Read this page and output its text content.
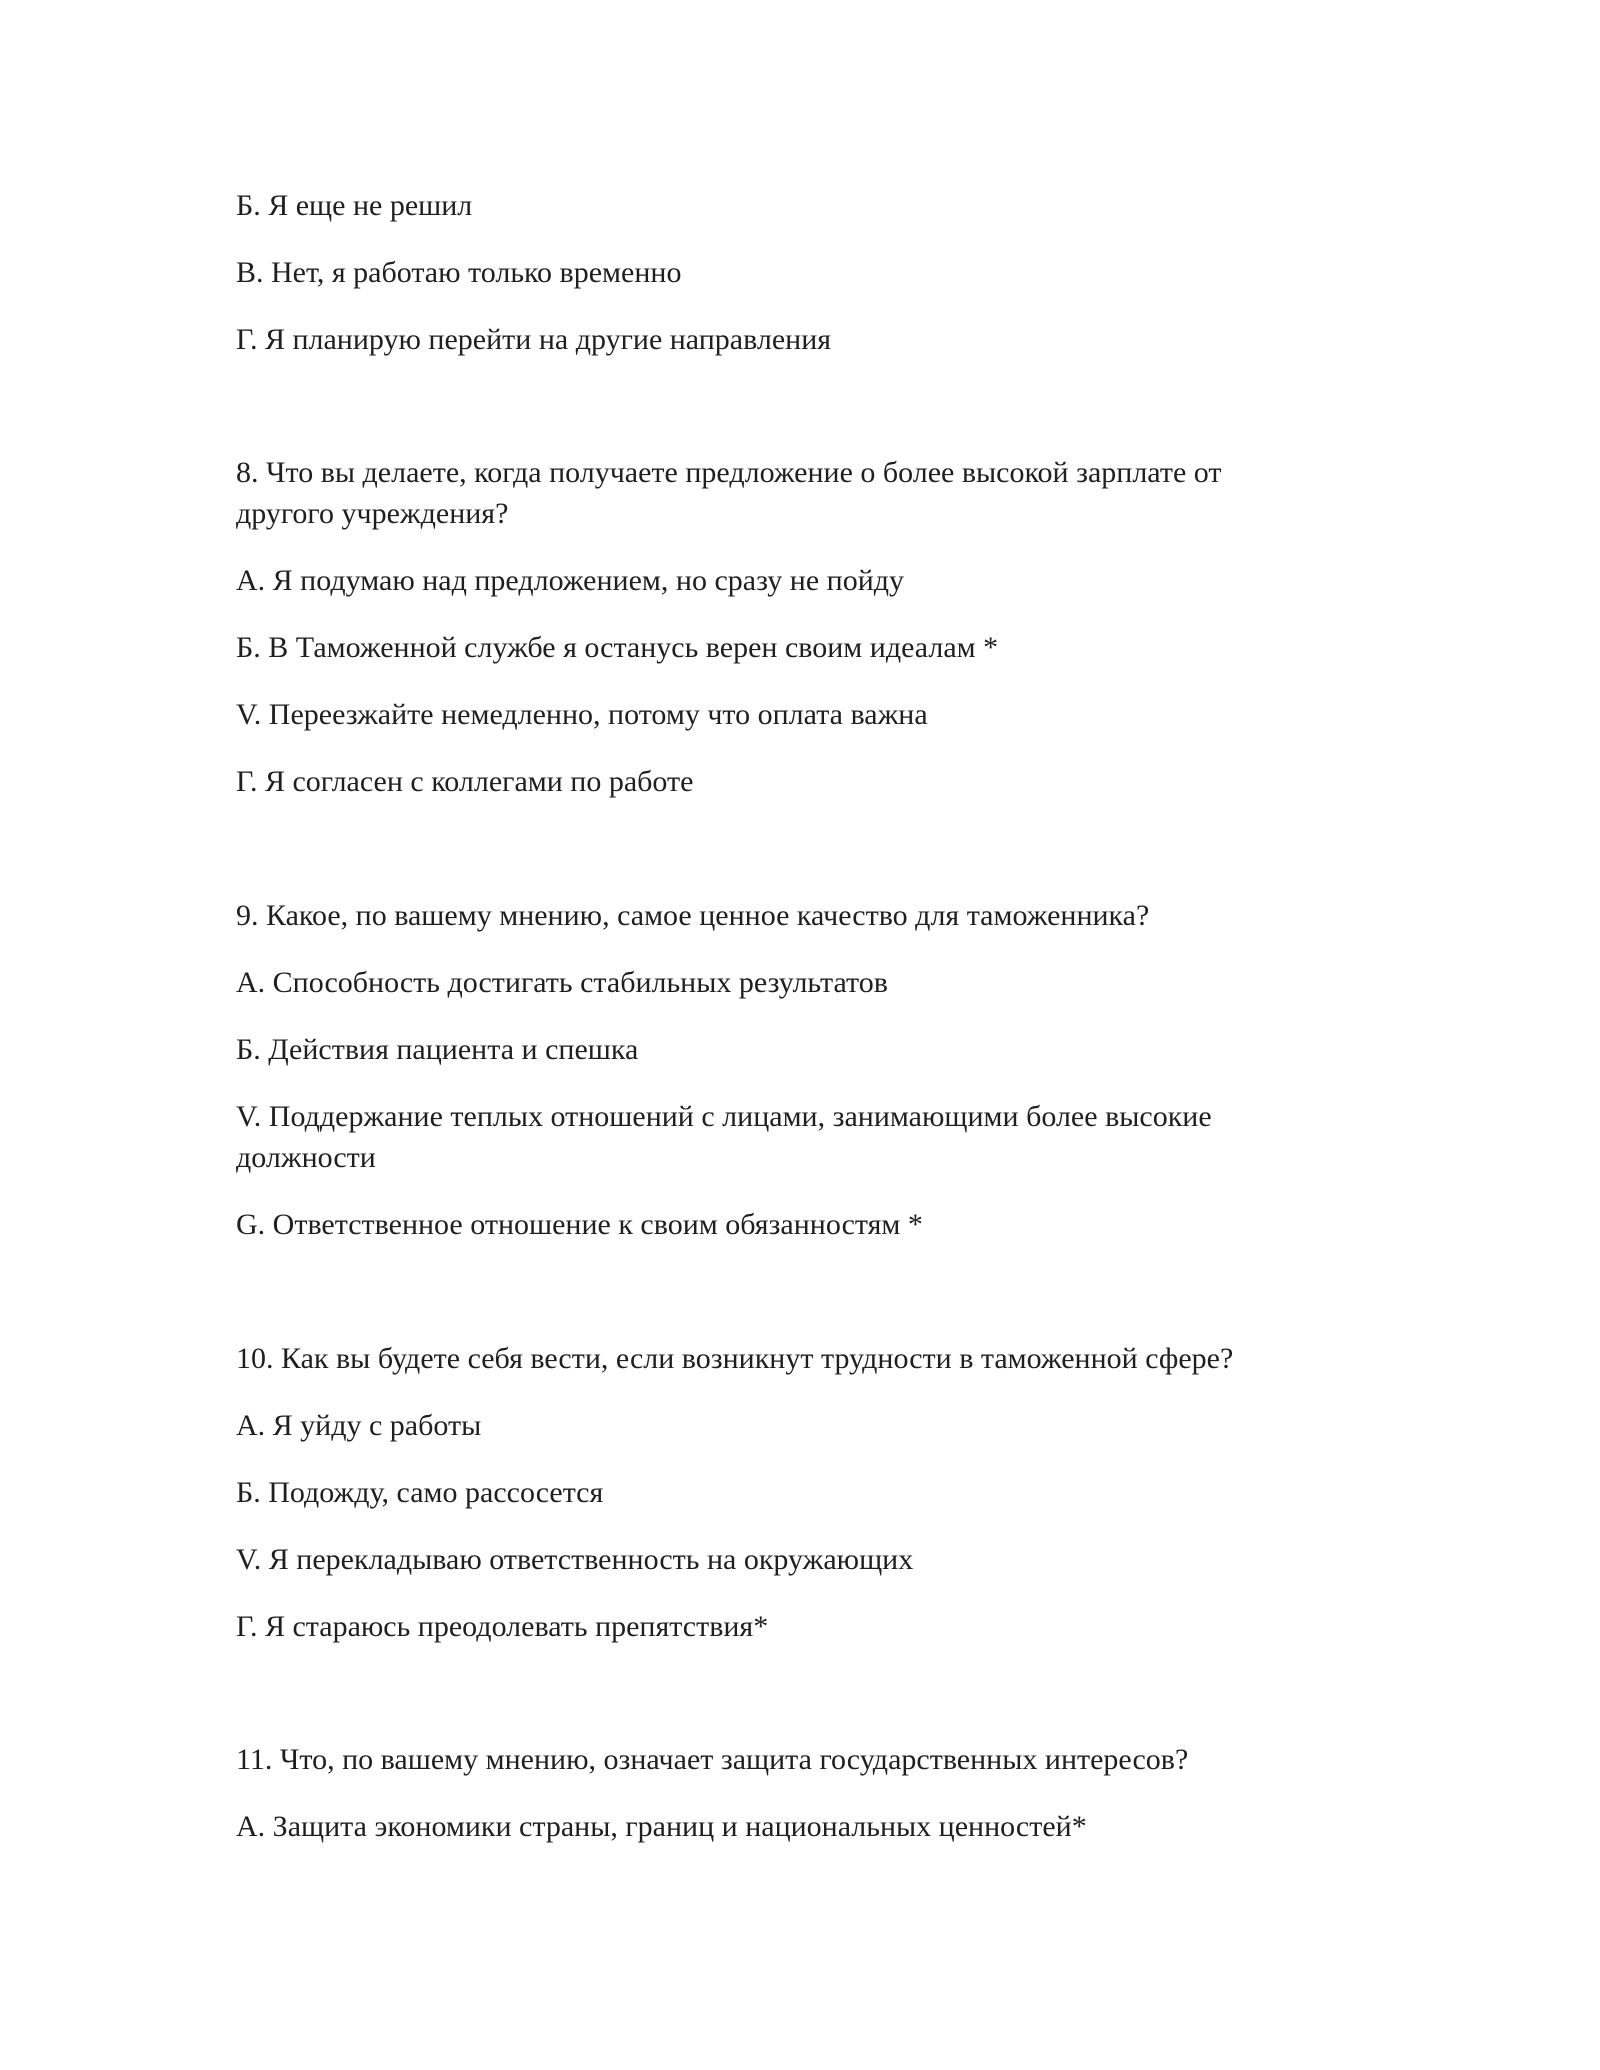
Б. Я еще не решил
В. Нет, я работаю только временно
Г. Я планирую перейти на другие направления
8. Что вы делаете, когда получаете предложение о более высокой зарплате от
другого учреждения?
А. Я подумаю над предложением, но сразу не пойду
Б. В Таможенной службе я останусь верен своим идеалам *
V. Переезжайте немедленно, потому что оплата важна
Г. Я согласен с коллегами по работе
9. Какое, по вашему мнению, самое ценное качество для таможенника?
А. Способность достигать стабильных результатов
Б. Действия пациента и спешка
V. Поддержание теплых отношений с лицами, занимающими более высокие
должности
G. Ответственное отношение к своим обязанностям *
10. Как вы будете себя вести, если возникнут трудности в таможенной сфере?
А. Я уйду с работы
Б. Подожду, само рассосется
V. Я перекладываю ответственность на окружающих
Г. Я стараюсь преодолевать препятствия*
11. Что, по вашему мнению, означает защита государственных интересов?
А. Защита экономики страны, границ и национальных ценностей*
